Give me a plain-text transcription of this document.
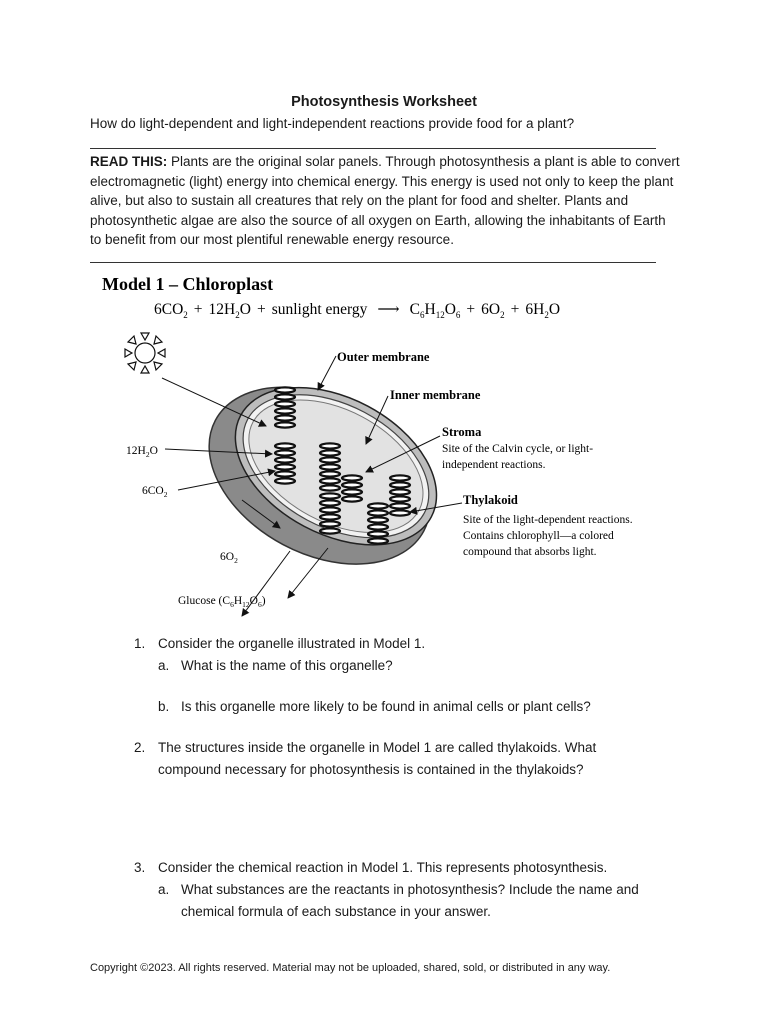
Photosynthesis Worksheet
How do light-dependent and light-independent reactions provide food for a plant?
READ THIS: Plants are the original solar panels. Through photosynthesis a plant is able to convert electromagnetic (light) energy into chemical energy. This energy is used not only to keep the plant alive, but also to sustain all creatures that rely on the plant for food and shelter. Plants and photosynthetic algae are also the source of all oxygen on Earth, allowing the inhabitants of Earth to benefit from our most plentiful renewable energy resource.
Model 1 – Chloroplast
$6CO_2 + 12H_2O$ + sunlight energy ⟶ $C_6H_{12}O_6 + 6O_2 + 6H_2O$
$12H_2O$
$6CO_2$
$6O_2$
Glucose $(C_6H_{12}O_6)$
Outer membrane
Inner membrane
Stroma
Site of the Calvin cycle, or light-
independent reactions.
Thylakoid
Site of the light-dependent reactions.
Contains chlorophyll—a colored
compound that absorbs light.
1. Consider the organelle illustrated in Model 1.
a. What is the name of this organelle?
b. Is this organelle more likely to be found in animal cells or plant cells?
2. The structures inside the organelle in Model 1 are called thylakoids. What compound necessary for photosynthesis is contained in the thylakoids?
3. Consider the chemical reaction in Model 1. This represents photosynthesis.
a. What substances are the reactants in photosynthesis? Include the name and chemical formula of each substance in your answer.
Copyright ©2023. All rights reserved. Material may not be uploaded, shared, sold, or distributed in any way.
